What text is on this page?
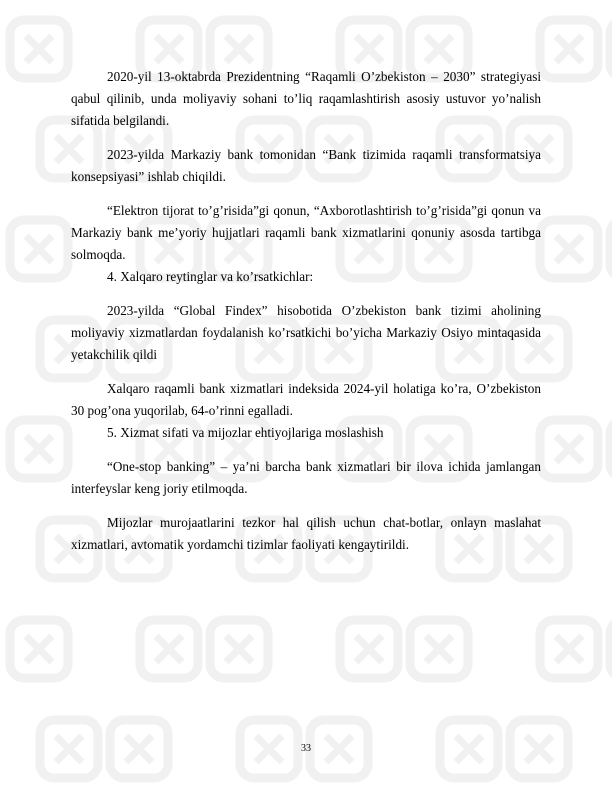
2020-yil 13-oktabrda Prezidentning “Raqamli O’zbekiston – 2030” strategiyasi qabul qilinib, unda moliyaviy sohani to’liq raqamlashtirish asosiy ustuvor yo’nalish sifatida belgilandi.

2023-yilda Markaziy bank tomonidan “Bank tizimida raqamli transformatsiya konsepsiyasi” ishlab chiqildi.

“Elektron tijorat to’g’risida”gi qonun, “Axborotlashtirish to’g’risida”gi qonun va Markaziy bank me’yoriy hujjatlari raqamli bank xizmatlarini qonuniy asosda tartibga solmoqda.

4. Xalqaro reytinglar va ko’rsatkichlar:

2023-yilda “Global Findex” hisobotida O’zbekiston bank tizimi aholining moliyaviy xizmatlardan foydalanish ko’rsatkichi bo’yicha Markaziy Osiyo mintaqasida yetakchilik qildi

Xalqaro raqamli bank xizmatlari indeksida 2024-yil holatiga ko’ra, O’zbekiston 30 pog’ona yuqorilab, 64-o’rinni egalladi.

5. Xizmat sifati va mijozlar ehtiyojlariga moslashish

“One-stop banking” – ya’ni barcha bank xizmatlari bir ilova ichida jamlangan interfeyslar keng joriy etilmoqda.

Mijozlar murojaatlarini tezkor hal qilish uchun chat-botlar, onlayn maslahat xizmatlari, avtomatik yordamchi tizimlar faoliyati kengaytirildi.

33
